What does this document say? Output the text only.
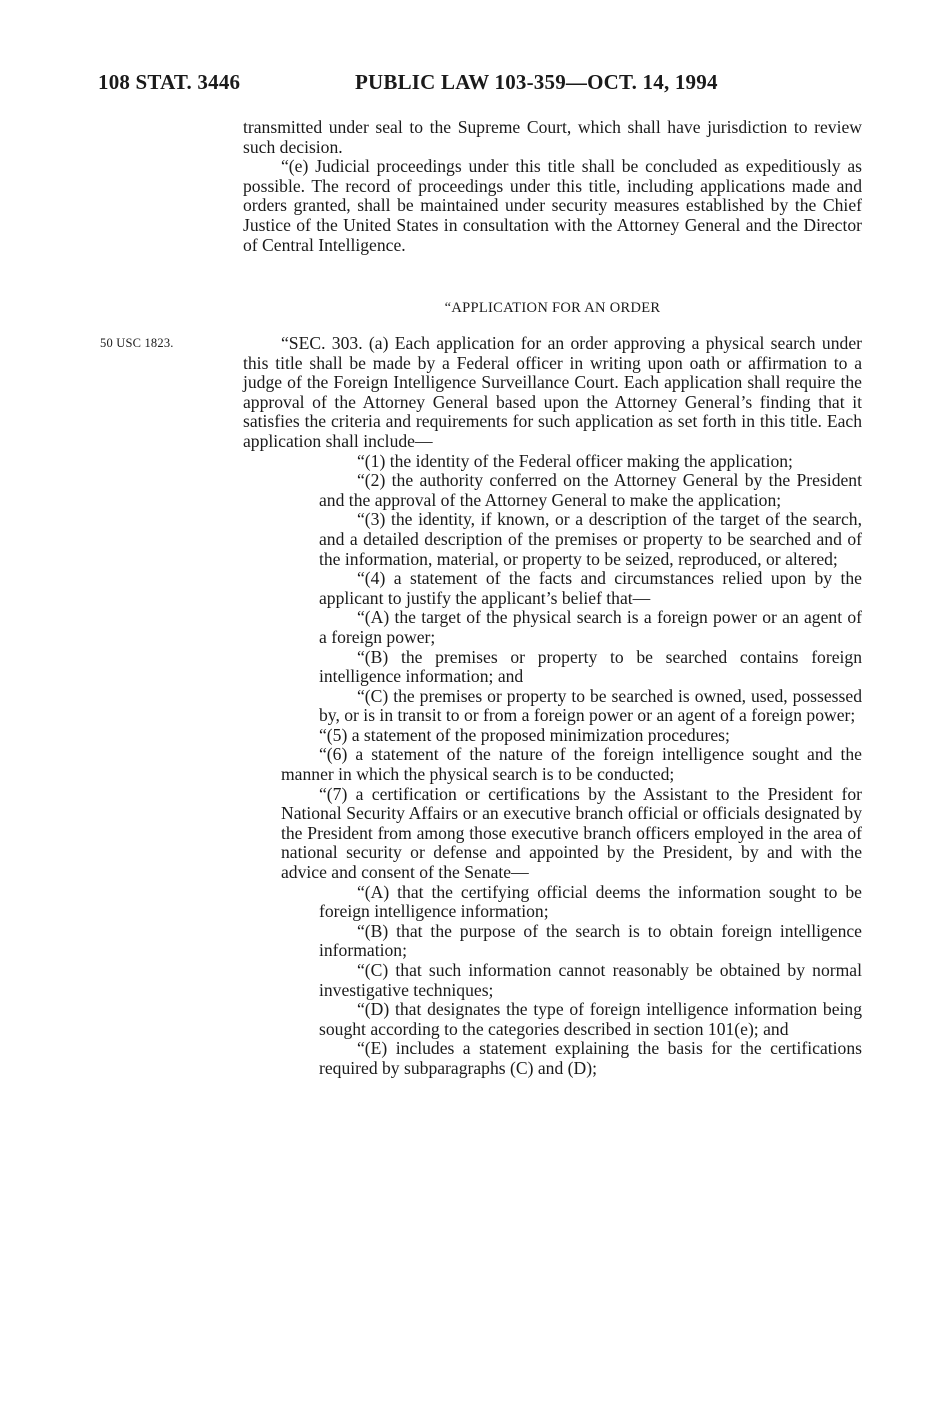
108 STAT. 3446	PUBLIC LAW 103-359—OCT. 14, 1994

transmitted under seal to the Supreme Court, which shall have jurisdiction to review such decision.

“(e) Judicial proceedings under this title shall be concluded as expeditiously as possible. The record of proceedings under this title, including applications made and orders granted, shall be maintained under security measures established by the Chief Justice of the United States in consultation with the Attorney General and the Director of Central Intelligence.

“APPLICATION FOR AN ORDER
50 USC 1823.	“SEC. 303. (a) Each application for an order approving a physical search under this title shall be made by a Federal officer in writing upon oath or affirmation to a judge of the Foreign Intelligence Surveillance Court. Each application shall require the approval of the Attorney General based upon the Attorney General’s finding that it satisfies the criteria and requirements for such application as set forth in this title. Each application shall include—

“(1) the identity of the Federal officer making the application;

“(2) the authority conferred on the Attorney General by the President and the approval of the Attorney General to make the application;

“(3) the identity, if known, or a description of the target of the search, and a detailed description of the premises or property to be searched and of the information, material, or property to be seized, reproduced, or altered;

“(4) a statement of the facts and circumstances relied upon by the applicant to justify the applicant’s belief that—

“(A) the target of the physical search is a foreign power or an agent of a foreign power;

“(B) the premises or property to be searched contains foreign intelligence information; and

“(C) the premises or property to be searched is owned, used, possessed by, or is in transit to or from a foreign power or an agent of a foreign power;

“(5) a statement of the proposed minimization procedures;

“(6) a statement of the nature of the foreign intelligence sought and the manner in which the physical search is to be conducted;

“(7) a certification or certifications by the Assistant to the President for National Security Affairs or an executive branch official or officials designated by the President from among those executive branch officers employed in the area of national security or defense and appointed by the President, by and with the advice and consent of the Senate—

“(A) that the certifying official deems the information sought to be foreign intelligence information;

“(B) that the purpose of the search is to obtain foreign intelligence information;

“(C) that such information cannot reasonably be obtained by normal investigative techniques;

“(D) that designates the type of foreign intelligence information being sought according to the categories described in section 101(e); and

“(E) includes a statement explaining the basis for the certifications required by subparagraphs (C) and (D);
